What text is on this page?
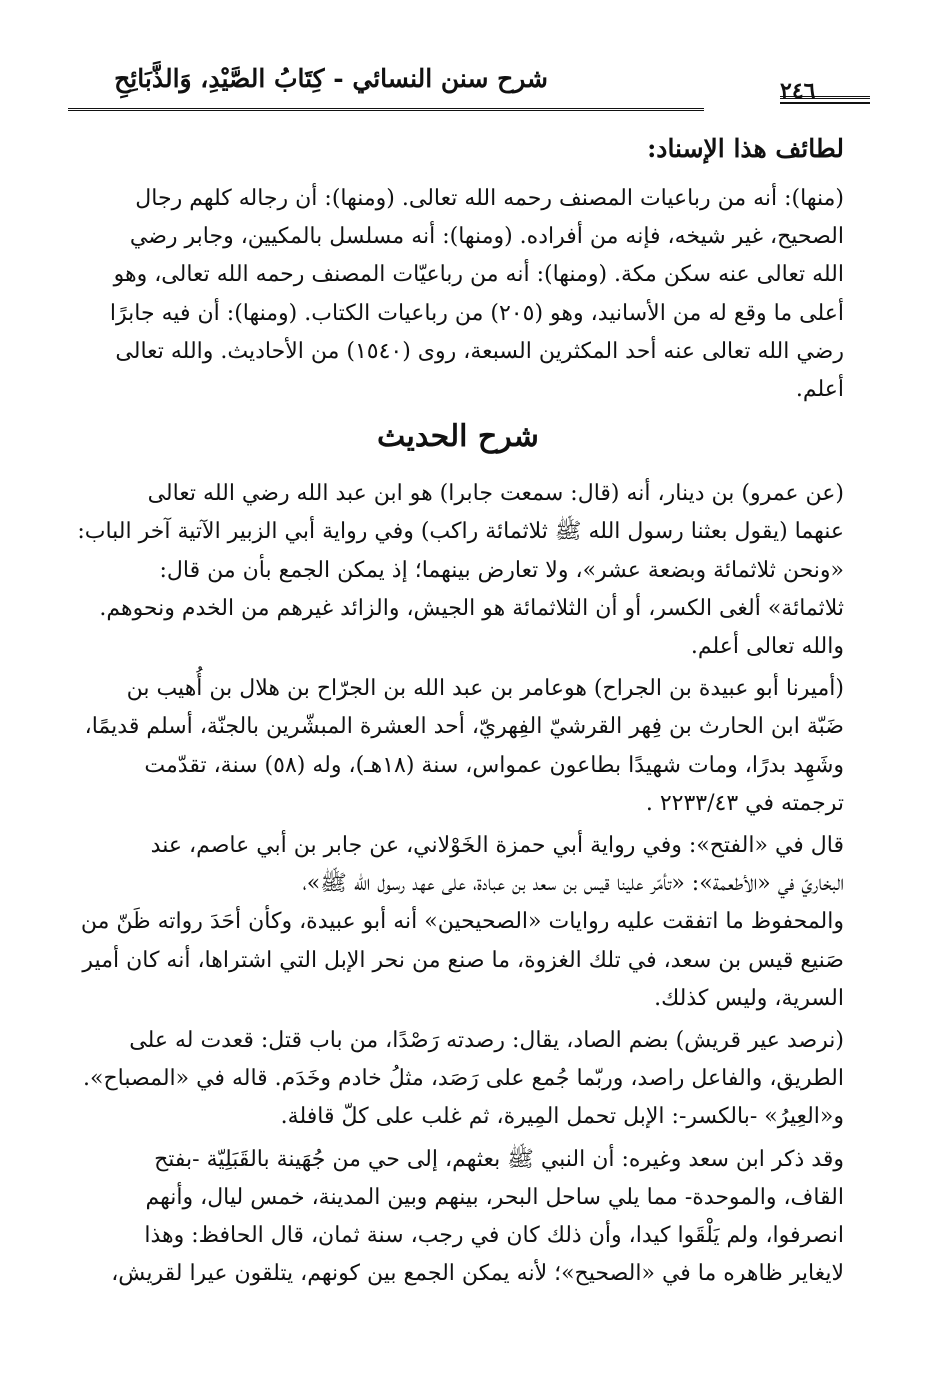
شرح سنن النسائي - كِتَابُ الصَّيْدِ، وَالذَّبَائِحِ	٢٤٦
لطائف هذا الإسناد:
(منها): أنه من رباعيات المصنف رحمه الله تعالى. (ومنها): أن رجاله كلهم رجال
الصحيح، غير شيخه، فإنه من أفراده. (ومنها): أنه مسلسل بالمكيين، وجابر رضي
الله تعالى عنه سكن مكة. (ومنها): أنه من رباعيّات المصنف رحمه الله تعالى، وهو
أعلى ما وقع له من الأسانيد، وهو (٢٠٥) من رباعيات الكتاب. (ومنها): أن فيه جابرًا
رضي الله تعالى عنه أحد المكثرين السبعة، روى (١٥٤٠) من الأحاديث. والله تعالى
أعلم.
شرح الحديث
(عن عمرو) بن دينار، أنه (قال: سمعت جابرا) هو ابن عبد الله رضي الله تعالى
عنهما (يقول بعثنا رسول الله ﷺ ثلاثمائة راكب) وفي رواية أبي الزبير الآتية آخر الباب:
«ونحن ثلاثمائة وبضعة عشر»، ولا تعارض بينهما؛ إذ يمكن الجمع بأن من قال:
ثلاثمائة» ألغى الكسر، أو أن الثلاثمائة هو الجيش، والزائد غيرهم من الخدم ونحوهم.
والله تعالى أعلم.
(أميرنا أبو عبيدة بن الجراح) هوعامر بن عبد الله بن الجرّاح بن هلال بن أُهيب بن
ضَبّة ابن الحارث بن فِهر القرشيّ الفِهريّ، أحد العشرة المبشّرين بالجنّة، أسلم قديمًا،
وشَهِد بدرًا، ومات شهيدًا بطاعون عمواس، سنة (١٨هـ)، وله (٥٨) سنة، تقدّمت
ترجمته في ٢٢٣٣/٤٣ .
قال في «الفتح»: وفي رواية أبي حمزة الخَوْلاني، عن جابر بن أبي عاصم، عند
البخاريّ في «الأطعمة»: «تأمّر علينا قيس بن سعد بن عبادة، على عهد رسول الله ﷺ»،
والمحفوظ ما اتفقت عليه روايات «الصحيحين» أنه أبو عبيدة، وكأن أحَدَ رواته ظَنّ من
صَنيع قيس بن سعد، في تلك الغزوة، ما صنع من نحر الإبل التي اشتراها، أنه كان أمير
السرية، وليس كذلك.
(نرصد عير قريش) بضم الصاد، يقال: رصدته رَصْدًا، من باب قتل: قعدت له على
الطريق، والفاعل راصد، وربّما جُمع على رَصَد، مثلُ خادم وخَدَم. قاله في «المصباح».
و«العِيرُ» -بالكسر-: الإبل تحمل المِيرة، ثم غلب على كلّ قافلة.
وقد ذكر ابن سعد وغيره: أن النبي ﷺ بعثهم، إلى حي من جُهَينة بالقَبَلِيّة -بفتح
القاف، والموحدة- مما يلي ساحل البحر، بينهم وبين المدينة، خمس ليال، وأنهم
انصرفوا، ولم يَلْقَوا كيدا، وأن ذلك كان في رجب، سنة ثمان، قال الحافظ: وهذا
لايغاير ظاهره ما في «الصحيح»؛ لأنه يمكن الجمع بين كونهم، يتلقون عيرا لقريش،
